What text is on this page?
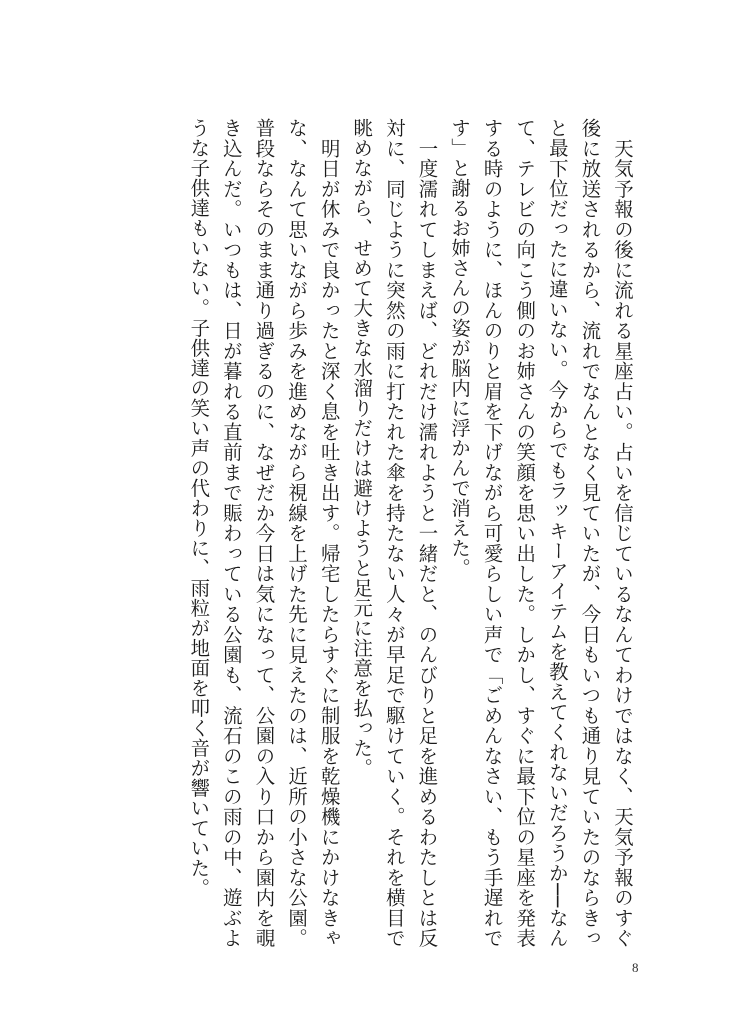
　天気予報の後に流れる星座占い。占いを信じているなんてわけではなく、天気予報のすぐ後に放送されるから、流れでなんとなく見ていたが、今日もいつも通り見ていたのならきっと最下位だったに違いない。今からでもラッキーアイテムを教えてくれないだろうか──なんて、テレビの向こう側のお姉さんの笑顔を思い出した。しかし、すぐに最下位の星座を発表する時のように、ほんのりと眉を下げながら可愛らしい声で「ごめんなさい、もう手遅れです」と謝るお姉さんの姿が脳内に浮かんで消えた。

　一度濡れてしまえば、どれだけ濡れようと一緒だと、のんびりと足を進めるわたしとは反対に、同じように突然の雨に打たれた傘を持たない人々が早足で駆けていく。それを横目で眺めながら、せめて大きな水溜りだけは避けようと足元に注意を払った。

　明日が休みで良かったと深く息を吐き出す。帰宅したらすぐに制服を乾燥機にかけなきゃな、なんて思いながら歩みを進めながら視線を上げた先に見えたのは、近所の小さな公園。普段ならそのまま通り過ぎるのに、なぜだか今日は気になって、公園の入り口から園内を覗き込んだ。いつもは、日が暮れる直前まで賑わっている公園も、流石のこの雨の中、遊ぶような子供達もいない。子供達の笑い声の代わりに、雨粒が地面を叩く音が響いていた。

8
